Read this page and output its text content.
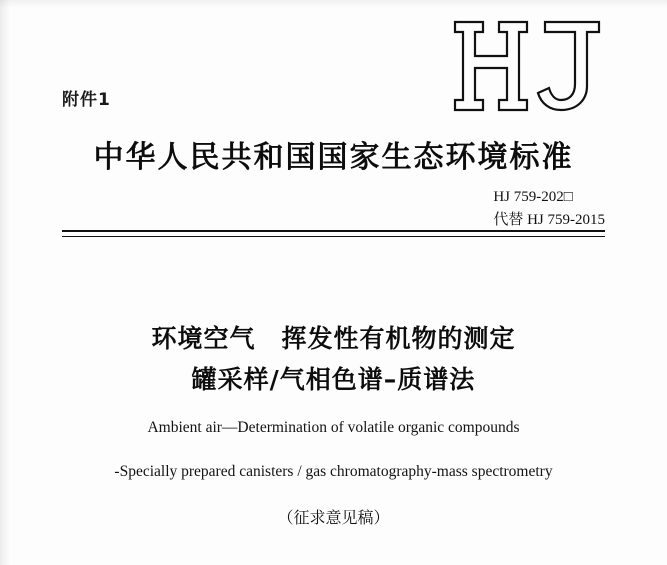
附件1
中华人民共和国国家生态环境标准
HJ 759-202□
代替 HJ 759-2015
环境空气　挥发性有机物的测定
罐采样/气相色谱–质谱法
Ambient air—Determination of volatile organic compounds
-Specially prepared canisters / gas chromatography-mass spectrometry
（征求意见稿）
